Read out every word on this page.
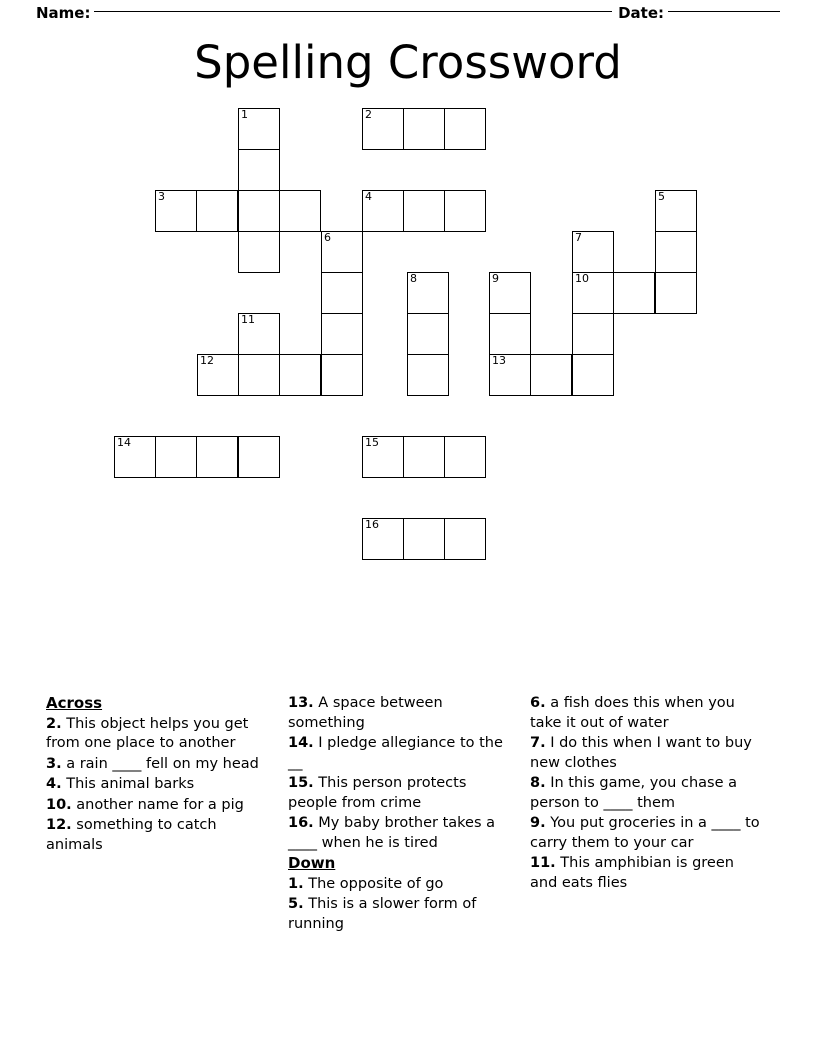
Name:	Date:
Spelling Crossword
1	2
3	4	5
6	7
8	9	10
11
12	13
14	15
16
Across
2. This object helps you get from one place to another
3. a rain ____ fell on my head
4. This animal barks
10. another name for a pig
12. something to catch animals
13. A space between something
14. I pledge allegiance to the __
15. This person protects people from crime
16. My baby brother takes a ____ when he is tired
Down
1. The opposite of go
5. This is a slower form of running
6. a fish does this when you take it out of water
7. I do this when I want to buy new clothes
8. In this game, you chase a person to ____ them
9. You put groceries in a ____ to carry them to your car
11. This amphibian is green and eats flies
